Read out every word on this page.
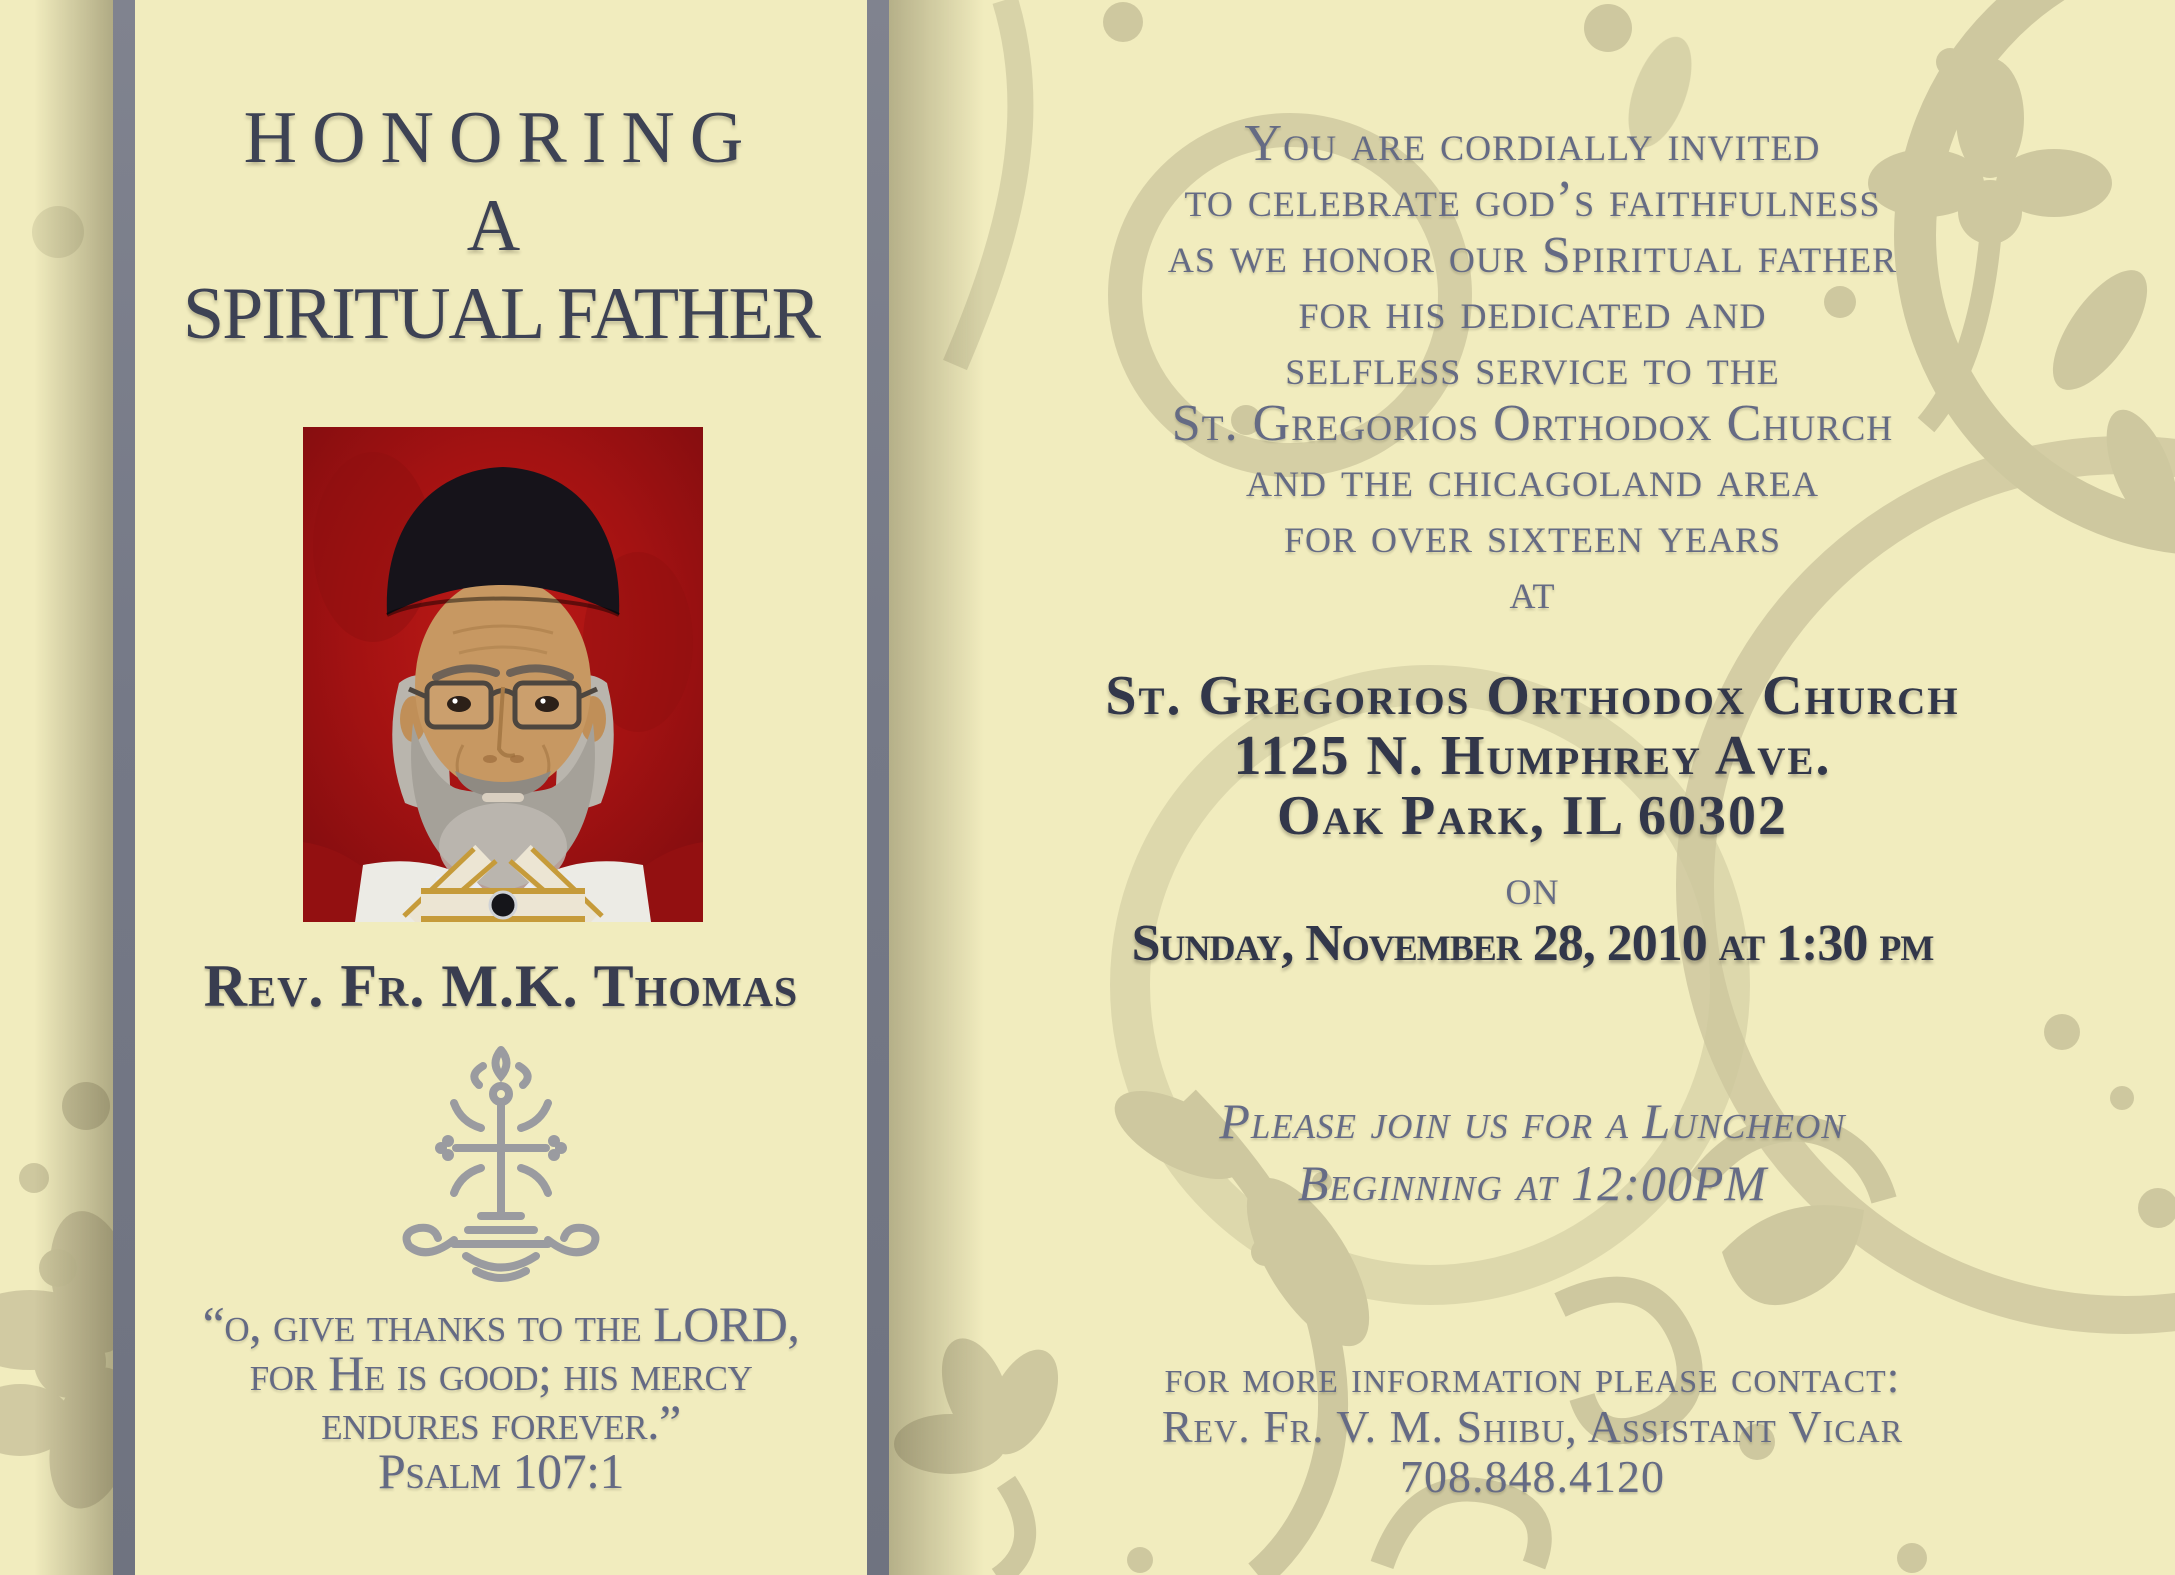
HONORING
A
SPIRITUAL FATHER
Rev. Fr. M.K. Thomas
“o, give thanks to the LORD,
for He is good; his mercy
endures forever.”
Psalm 107:1
You are cordially invited
to celebrate god’s faithfulness
as we honor our Spiritual father
for his dedicated and
selfless service to the
St. Gregorios Orthodox Church
and the chicagoland area
for over sixteen years
at
St. Gregorios Orthodox Church
1125 N. Humphrey Ave.
Oak Park, IL 60302
on
Sunday, November 28, 2010 at 1:30 pm
Please join us for a Luncheon
Beginning at 12:00PM
for more information please contact:
Rev. Fr. V. M. Shibu, Assistant Vicar
708.848.4120
